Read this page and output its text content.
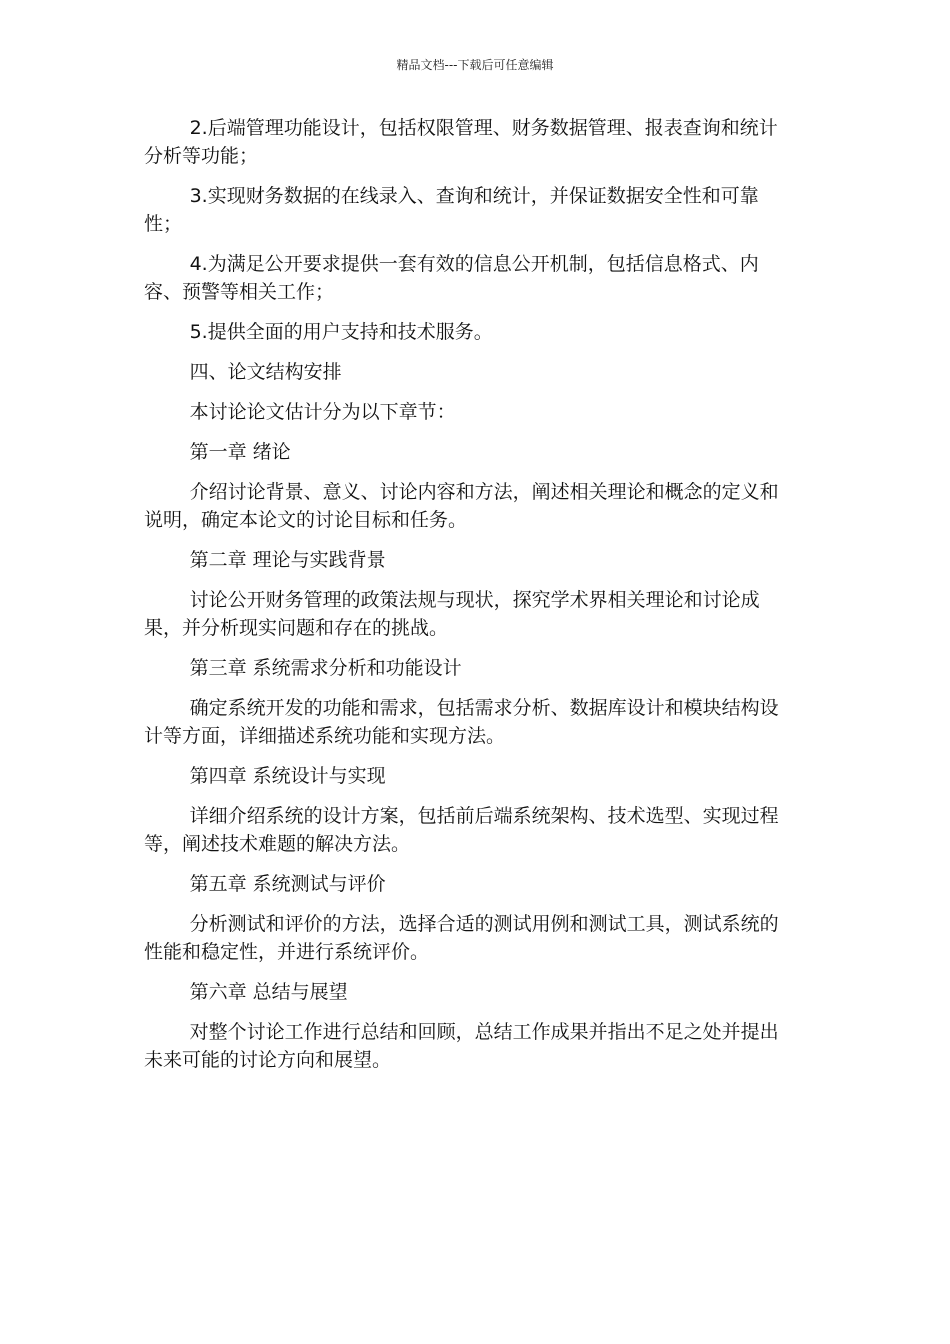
精品文档---下载后可任意编辑

2.后端管理功能设计，包括权限管理、财务数据管理、报表查询和统计分析等功能；

3.实现财务数据的在线录入、查询和统计，并保证数据安全性和可靠性；

4.为满足公开要求提供一套有效的信息公开机制，包括信息格式、内容、预警等相关工作；

5.提供全面的用户支持和技术服务。

四、论文结构安排

本讨论论文估计分为以下章节：

第一章 绪论

介绍讨论背景、意义、讨论内容和方法，阐述相关理论和概念的定义和说明，确定本论文的讨论目标和任务。

第二章 理论与实践背景

讨论公开财务管理的政策法规与现状，探究学术界相关理论和讨论成果，并分析现实问题和存在的挑战。

第三章 系统需求分析和功能设计

确定系统开发的功能和需求，包括需求分析、数据库设计和模块结构设计等方面，详细描述系统功能和实现方法。

第四章 系统设计与实现

详细介绍系统的设计方案，包括前后端系统架构、技术选型、实现过程等，阐述技术难题的解决方法。

第五章 系统测试与评价

分析测试和评价的方法，选择合适的测试用例和测试工具，测试系统的性能和稳定性，并进行系统评价。

第六章 总结与展望

对整个讨论工作进行总结和回顾，总结工作成果并指出不足之处并提出未来可能的讨论方向和展望。
